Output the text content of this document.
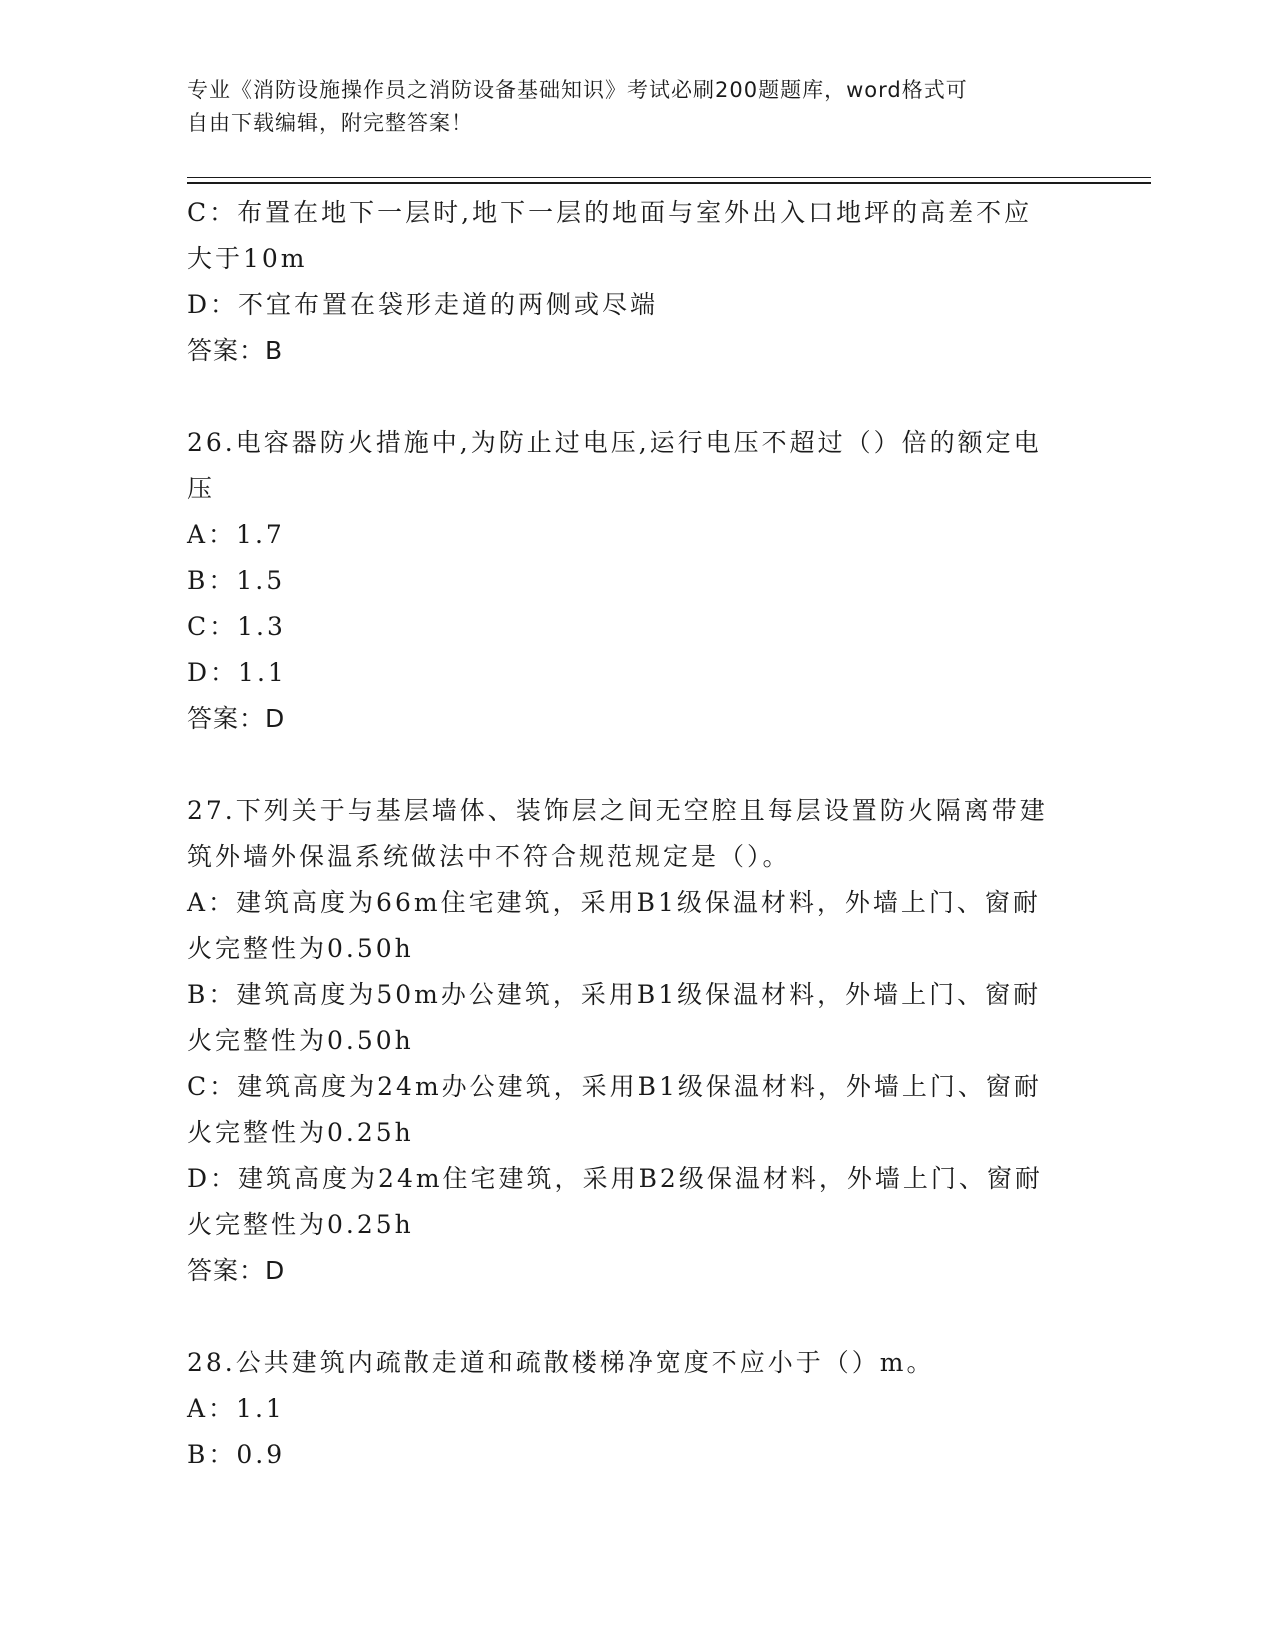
专业《消防设施操作员之消防设备基础知识》考试必刷200题题库，word格式可
自由下载编辑，附完整答案！
C：布置在地下一层时,地下一层的地面与室外出入口地坪的高差不应
大于10m
D：不宜布置在袋形走道的两侧或尽端
答案：B
26.电容器防火措施中,为防止过电压,运行电压不超过（）倍的额定电
压
A：1.7
B：1.5
C：1.3
D：1.1
答案：D
27.下列关于与基层墙体、装饰层之间无空腔且每层设置防火隔离带建
筑外墙外保温系统做法中不符合规范规定是（）。
A：建筑高度为66m住宅建筑，采用B1级保温材料，外墙上门、窗耐
火完整性为0.50h
B：建筑高度为50m办公建筑，采用B1级保温材料，外墙上门、窗耐
火完整性为0.50h
C：建筑高度为24m办公建筑，采用B1级保温材料，外墙上门、窗耐
火完整性为0.25h
D：建筑高度为24m住宅建筑，采用B2级保温材料，外墙上门、窗耐
火完整性为0.25h
答案：D
28.公共建筑内疏散走道和疏散楼梯净宽度不应小于（）m。
A：1.1
B：0.9
